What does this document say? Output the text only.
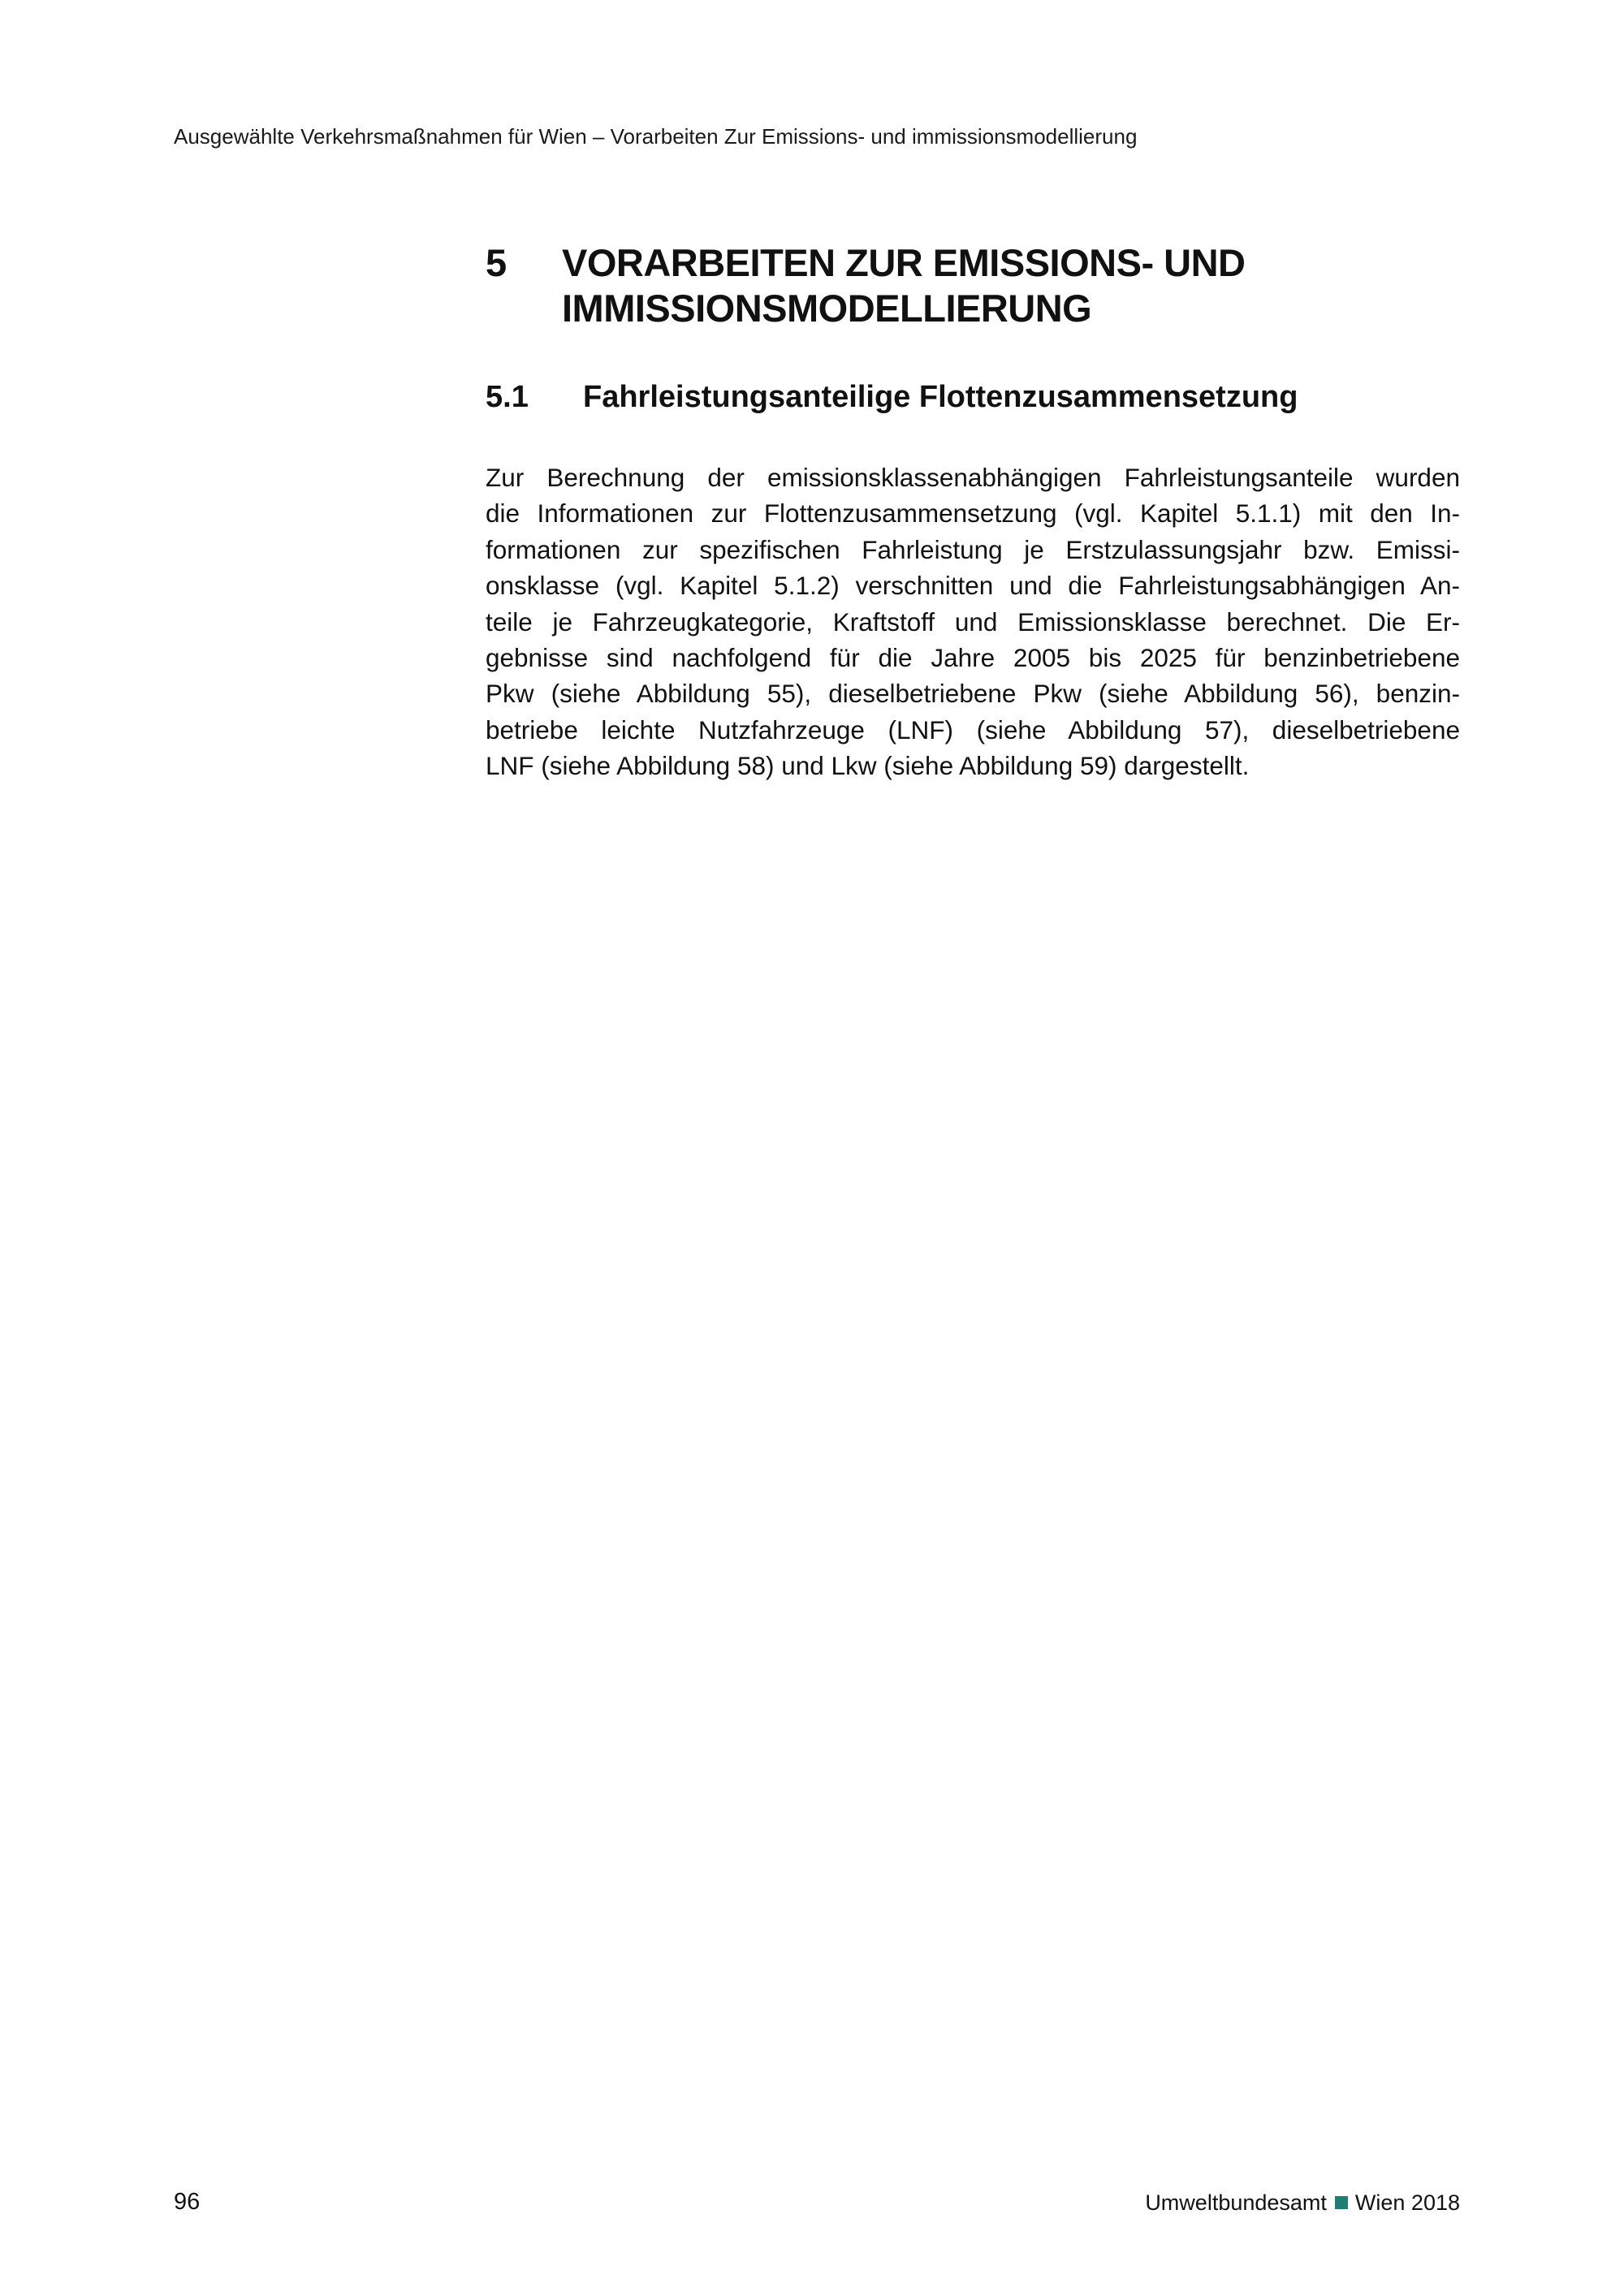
Ausgewählte Verkehrsmaßnahmen für Wien – Vorarbeiten Zur Emissions- und immissionsmodellierung
5	VORARBEITEN ZUR EMISSIONS- UND
IMMISSIONSMODELLIERUNG
5.1	Fahrleistungsanteilige Flottenzusammensetzung

Zur Berechnung der emissionsklassenabhängigen Fahrleistungsanteile wurden
die Informationen zur Flottenzusammensetzung (vgl. Kapitel 5.1.1) mit den In-
formationen zur spezifischen Fahrleistung je Erstzulassungsjahr bzw. Emissi-
onsklasse (vgl. Kapitel 5.1.2) verschnitten und die Fahrleistungsabhängigen An-
teile je Fahrzeugkategorie, Kraftstoff und Emissionsklasse berechnet. Die Er-
gebnisse sind nachfolgend für die Jahre 2005 bis 2025 für benzinbetriebene
Pkw (siehe Abbildung 55), dieselbetriebene Pkw (siehe Abbildung 56), benzin-
betriebe leichte Nutzfahrzeuge (LNF) (siehe Abbildung 57), dieselbetriebene
LNF (siehe Abbildung 58) und Lkw (siehe Abbildung 59) dargestellt.

96	Umweltbundesamt Wien 2018
